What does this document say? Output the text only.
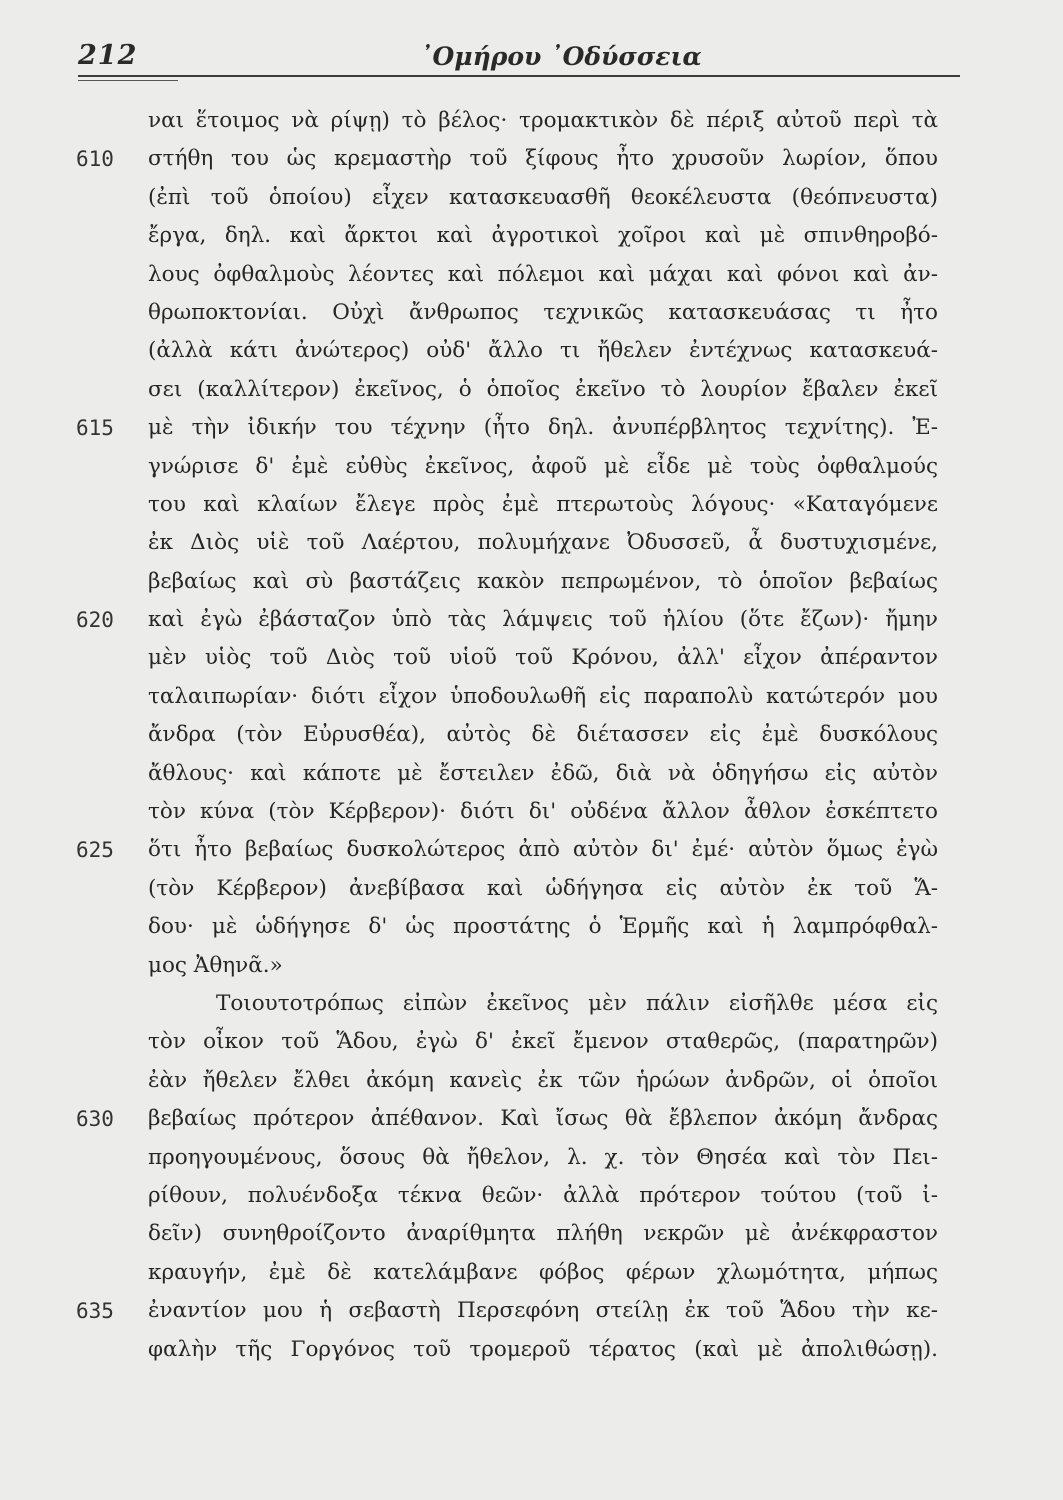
212	᾿Ομήρου ᾿Οδύσσεια
ναι ἕτοιμος νὰ ρίψῃ) τὸ βέλος· τρομακτικὸν δὲ πέριξ αὐτοῦ περὶ τὰ
610 στήθη του ὡς κρεμαστὴρ τοῦ ξίφους ἦτο χρυσοῦν λωρίον, ὅπου
(ἐπὶ τοῦ ὁποίου) εἶχεν κατασκευασθῆ θεοκέλευστα (θεόπνευστα)
ἔργα, δηλ. καὶ ἄρκτοι καὶ ἀγροτικοὶ χοῖροι καὶ μὲ σπινθηροβό-
λους ὀφθαλμοὺς λέοντες καὶ πόλεμοι καὶ μάχαι καὶ φόνοι καὶ ἀν-
θρωποκτονίαι. Οὐχὶ ἄνθρωπος τεχνικῶς κατασκευάσας τι ἦτο
(ἀλλὰ κάτι ἀνώτερος) οὐδ' ἄλλο τι ἤθελεν ἐντέχνως κατασκευά-
σει (καλλίτερον) ἐκεῖνος, ὁ ὁποῖος ἐκεῖνο τὸ λουρίον ἔβαλεν ἐκεῖ
615 μὲ τὴν ἰδικήν του τέχνην (ἦτο δηλ. ἀνυπέρβλητος τεχνίτης). Ἐ-
γνώρισε δ' ἐμὲ εὐθὺς ἐκεῖνος, ἀφοῦ μὲ εἶδε μὲ τοὺς ὀφθαλμούς
του καὶ κλαίων ἔλεγε πρὸς ἐμὲ πτερωτοὺς λόγους· «Καταγόμενε
ἐκ Διὸς υἱὲ τοῦ Λαέρτου, πολυμήχανε Ὀδυσσεῦ, ἆ δυστυχισμένε,
βεβαίως καὶ σὺ βαστάζεις κακὸν πεπρωμένον, τὸ ὁποῖον βεβαίως
620 καὶ ἐγὼ ἐβάσταζον ὑπὸ τὰς λάμψεις τοῦ ἡλίου (ὅτε ἔζων)· ἤμην
μὲν υἱὸς τοῦ Διὸς τοῦ υἱοῦ τοῦ Κρόνου, ἀλλ' εἶχον ἀπέραντον
ταλαιπωρίαν· διότι εἶχον ὑποδουλωθῆ εἰς παραπολὺ κατώτερόν μου
ἄνδρα (τὸν Εὐρυσθέα), αὐτὸς δὲ διέτασσεν εἰς ἐμὲ δυσκόλους
ἄθλους· καὶ κάποτε μὲ ἔστειλεν ἐδῶ, διὰ νὰ ὁδηγήσω εἰς αὐτὸν
τὸν κύνα (τὸν Κέρβερον)· διότι δι' οὐδένα ἄλλον ἆθλον ἐσκέπτετο
625 ὅτι ἦτο βεβαίως δυσκολώτερος ἀπὸ αὐτὸν δι' ἐμέ· αὐτὸν ὅμως ἐγὼ
(τὸν Κέρβερον) ἀνεβίβασα καὶ ὡδήγησα εἰς αὐτὸν ἐκ τοῦ Ἅ-
δου· μὲ ὡδήγησε δ' ὡς προστάτης ὁ Ἑρμῆς καὶ ἡ λαμπρόφθαλ-
μος Ἀθηνᾶ.»
Τοιουτοτρόπως εἰπὼν ἐκεῖνος μὲν πάλιν εἰσῆλθε μέσα εἰς
τὸν οἶκον τοῦ Ἅδου, ἐγὼ δ' ἐκεῖ ἔμενον σταθερῶς, (παρατηρῶν)
ἐὰν ἤθελεν ἔλθει ἀκόμη κανεὶς ἐκ τῶν ἡρώων ἀνδρῶν, οἱ ὁποῖοι
630 βεβαίως πρότερον ἀπέθανον. Καὶ ἴσως θὰ ἔβλεπον ἀκόμη ἄνδρας
προηγουμένους, ὅσους θὰ ἤθελον, λ. χ. τὸν Θησέα καὶ τὸν Πει-
ρίθουν, πολυένδοξα τέκνα θεῶν· ἀλλὰ πρότερον τούτου (τοῦ ἰ-
δεῖν) συνηθροίζοντο ἀναρίθμητα πλήθη νεκρῶν μὲ ἀνέκφραστον
κραυγήν, ἐμὲ δὲ κατελάμβανε φόβος φέρων χλωμότητα, μήπως
635 ἐναντίον μου ἡ σεβαστὴ Περσεφόνη στείλῃ ἐκ τοῦ Ἅδου τὴν κε-
φαλὴν τῆς Γοργόνος τοῦ τρομεροῦ τέρατος (καὶ μὲ ἀπολιθώσῃ).
